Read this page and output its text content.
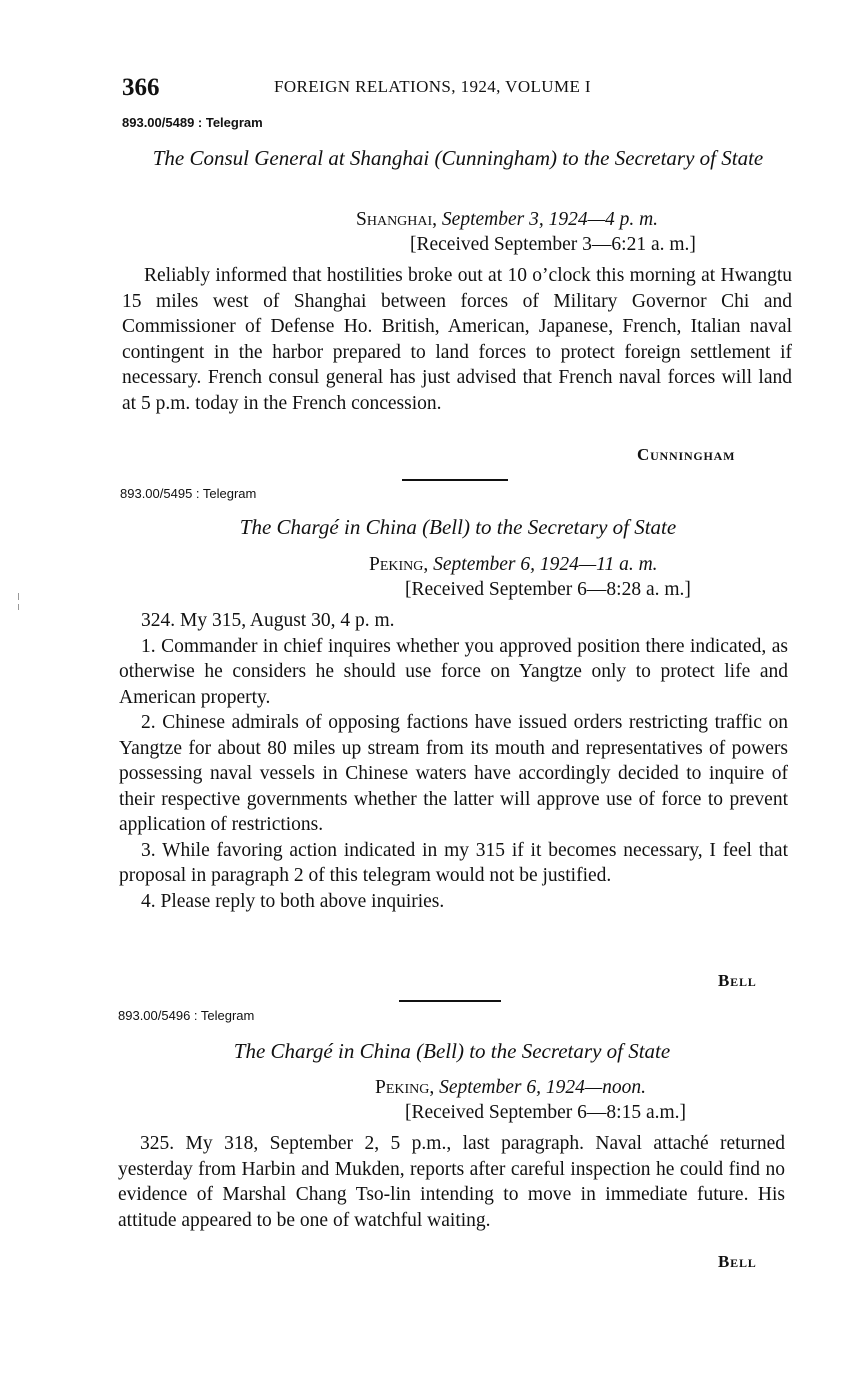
366	FOREIGN RELATIONS, 1924, VOLUME I
893.00/5489 : Telegram
The Consul General at Shanghai (Cunningham) to the Secretary of State
Shanghai, September 3, 1924—4 p. m.
[Received September 3—6:21 a. m.]

Reliably informed that hostilities broke out at 10 o’clock this morning at Hwangtu 15 miles west of Shanghai between forces of Military Governor Chi and Commissioner of Defense Ho. British, American, Japanese, French, Italian naval contingent in the harbor prepared to land forces to protect foreign settlement if necessary. French consul general has just advised that French naval forces will land at 5 p.m. today in the French concession.

Cunningham
893.00/5495 : Telegram
The Chargé in China (Bell) to the Secretary of State
Peking, September 6, 1924—11 a. m.
[Received September 6—8:28 a. m.]

324. My 315, August 30, 4 p. m.

1. Commander in chief inquires whether you approved position there indicated, as otherwise he considers he should use force on Yangtze only to protect life and American property.

2. Chinese admirals of opposing factions have issued orders restricting traffic on Yangtze for about 80 miles up stream from its mouth and representatives of powers possessing naval vessels in Chinese waters have accordingly decided to inquire of their respective governments whether the latter will approve use of force to prevent application of restrictions.

3. While favoring action indicated in my 315 if it becomes necessary, I feel that proposal in paragraph 2 of this telegram would not be justified.

4. Please reply to both above inquiries.

Bell
893.00/5496 : Telegram
The Chargé in China (Bell) to the Secretary of State
Peking, September 6, 1924—noon.
[Received September 6—8:15 a.m.]

325. My 318, September 2, 5 p.m., last paragraph. Naval attaché returned yesterday from Harbin and Mukden, reports after careful inspection he could find no evidence of Marshal Chang Tso-lin intending to move in immediate future. His attitude appeared to be one of watchful waiting.

Bell
